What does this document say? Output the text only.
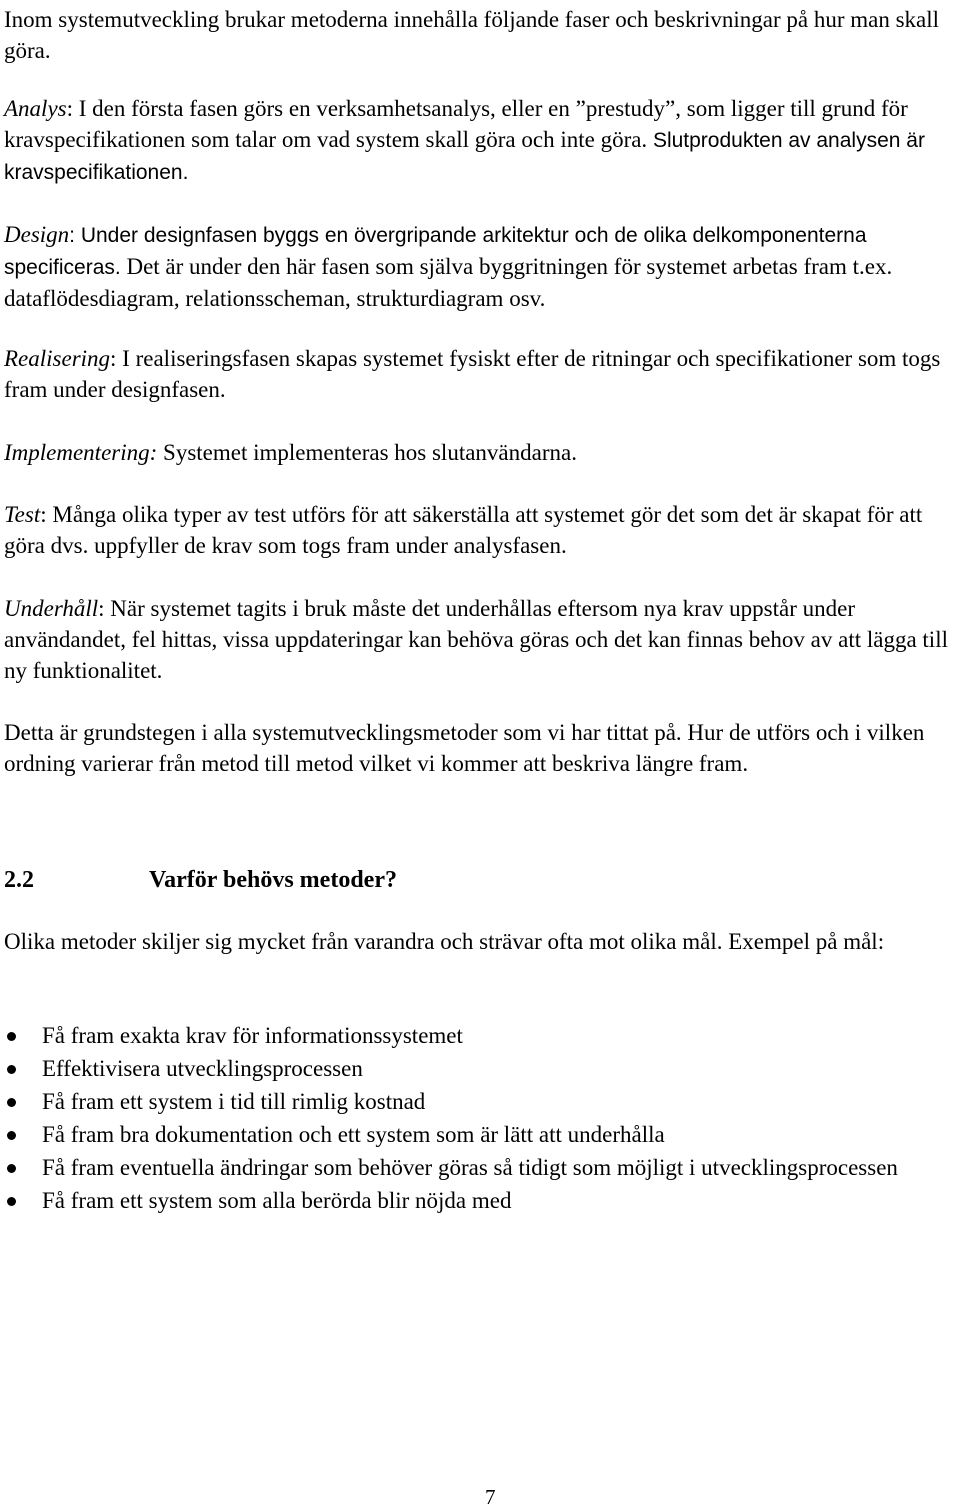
Inom systemutveckling brukar metoderna innehålla följande faser och beskrivningar på hur man skall göra.

Analys: I den första fasen görs en verksamhetsanalys, eller en ”prestudy”, som ligger till grund för kravspecifikationen som talar om vad system skall göra och inte göra. Slutprodukten av analysen är kravspecifikationen.

Design: Under designfasen byggs en övergripande arkitektur och de olika delkomponenterna specificeras. Det är under den här fasen som själva byggritningen för systemet arbetas fram t.ex. dataflödesdiagram, relationsscheman, strukturdiagram osv.

Realisering: I realiseringsfasen skapas systemet fysiskt efter de ritningar och specifikationer som togs fram under designfasen.

Implementering: Systemet implementeras hos slutanvändarna.

Test: Många olika typer av test utförs för att säkerställa att systemet gör det som det är skapat för att göra dvs. uppfyller de krav som togs fram under analysfasen.

Underhåll: När systemet tagits i bruk måste det underhållas eftersom nya krav uppstår under användandet, fel hittas, vissa uppdateringar kan behöva göras och det kan finnas behov av att lägga till ny funktionalitet.

Detta är grundstegen i alla systemutvecklingsmetoder som vi har tittat på. Hur de utförs och i vilken ordning varierar från metod till metod vilket vi kommer att beskriva längre fram.

2.2	Varför behövs metoder?

Olika metoder skiljer sig mycket från varandra och strävar ofta mot olika mål. Exempel på mål:

Få fram exakta krav för informationssystemet
Effektivisera utvecklingsprocessen
Få fram ett system i tid till rimlig kostnad
Få fram bra dokumentation och ett system som är lätt att underhålla
Få fram eventuella ändringar som behöver göras så tidigt som möjligt i utvecklingsprocessen
Få fram ett system som alla berörda blir nöjda med
7
